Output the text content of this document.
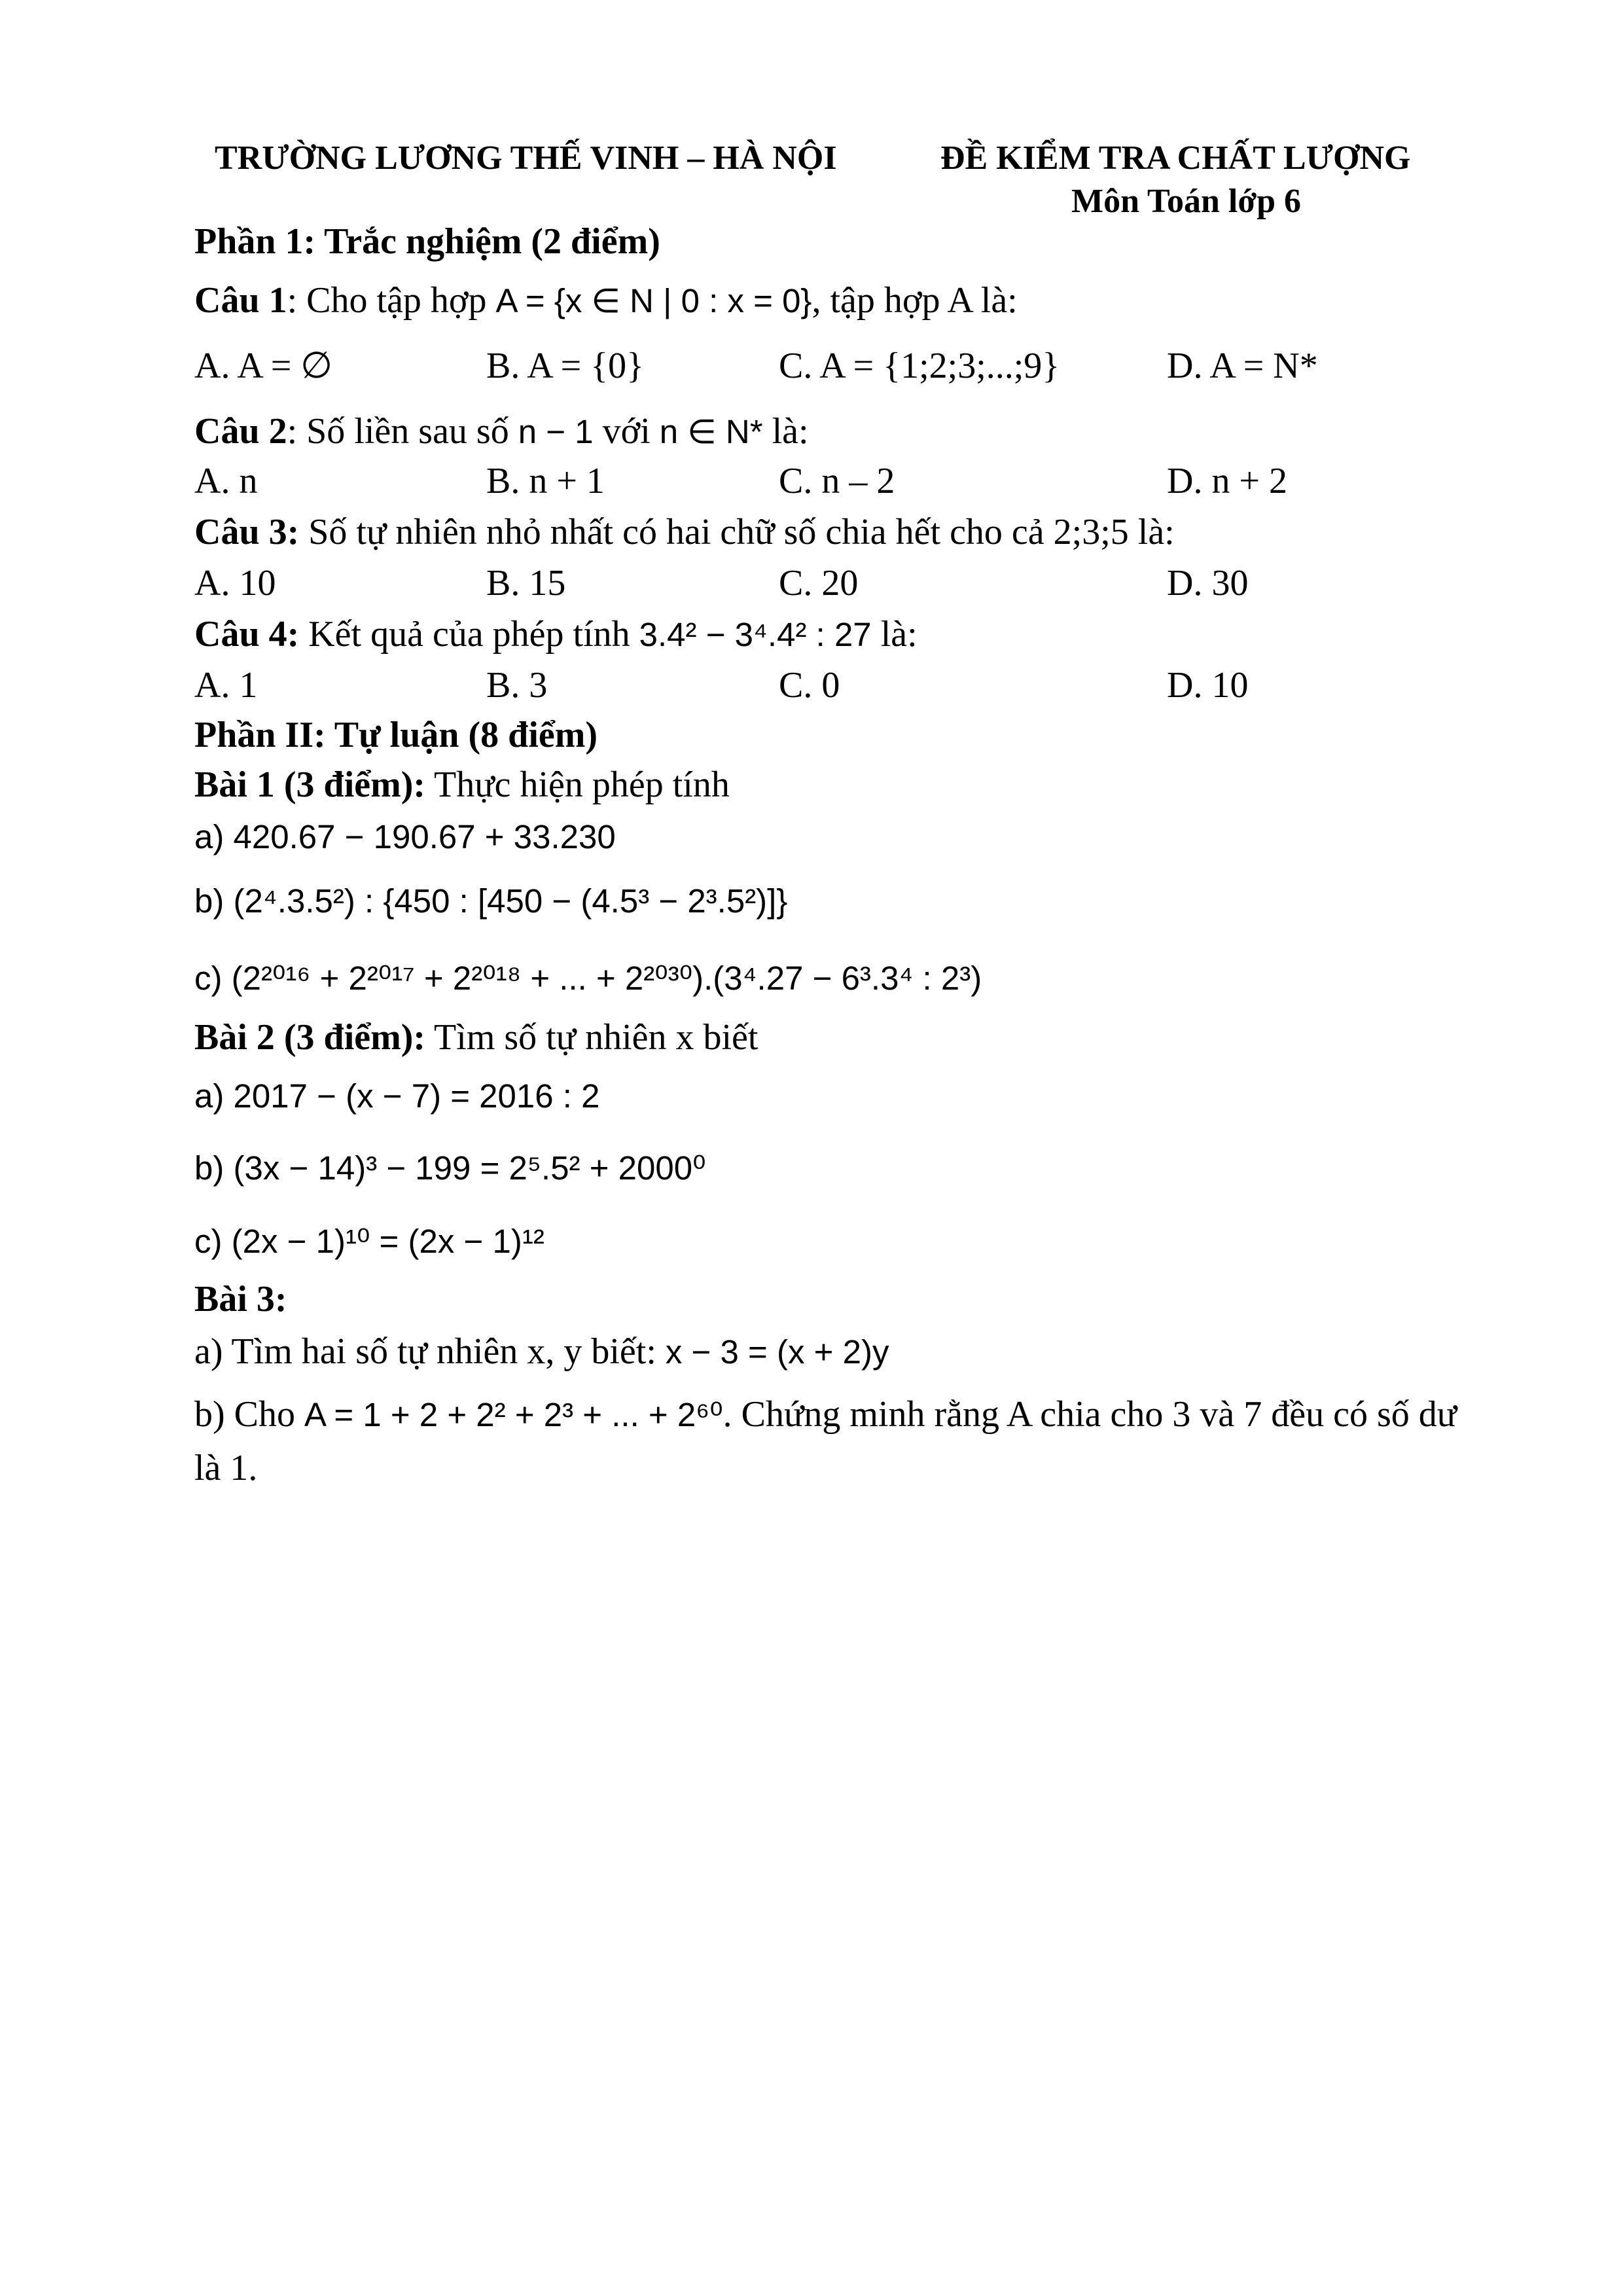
TRƯỜNG LƯƠNG THẾ VINH – HÀ NỘI	ĐỀ KIỂM TRA CHẤT LƯỢNG
Môn Toán lớp 6
Phần 1: Trắc nghiệm (2 điểm)
Câu 1: Cho tập hợp A = {x ∈ N | 0 : x = 0}, tập hợp A là:
A. A = ∅	B. A = {0}	C. A = {1;2;3;...;9}	D. A = N*
Câu 2: Số liền sau số n − 1 với n ∈ N* là:
A. n	B. n + 1	C. n – 2	D. n + 2
Câu 3: Số tự nhiên nhỏ nhất có hai chữ số chia hết cho cả 2;3;5 là:
A. 10	B. 15	C. 20	D. 30
Câu 4: Kết quả của phép tính 3.4² − 3⁴.4² : 27 là:
A. 1	B. 3	C. 0	D. 10
Phần II: Tự luận (8 điểm)
Bài 1 (3 điểm): Thực hiện phép tính
a) 420.67 − 190.67 + 33.230
b) (2⁴.3.5²) : {450 : [450 − (4.5³ − 2³.5²)]}
c) (2²⁰¹⁶ + 2²⁰¹⁷ + 2²⁰¹⁸ + ... + 2²⁰³⁰).(3⁴.27 − 6³.3⁴ : 2³)
Bài 2 (3 điểm): Tìm số tự nhiên x biết
a) 2017 − (x − 7) = 2016 : 2
b) (3x − 14)³ − 199 = 2⁵.5² + 2000⁰
c) (2x − 1)¹⁰ = (2x − 1)¹²
Bài 3:
a) Tìm hai số tự nhiên x, y biết: x − 3 = (x + 2)y
b) Cho A = 1 + 2 + 2² + 2³ + ... + 2⁶⁰. Chứng minh rằng A chia cho 3 và 7 đều có số dư
là 1.
